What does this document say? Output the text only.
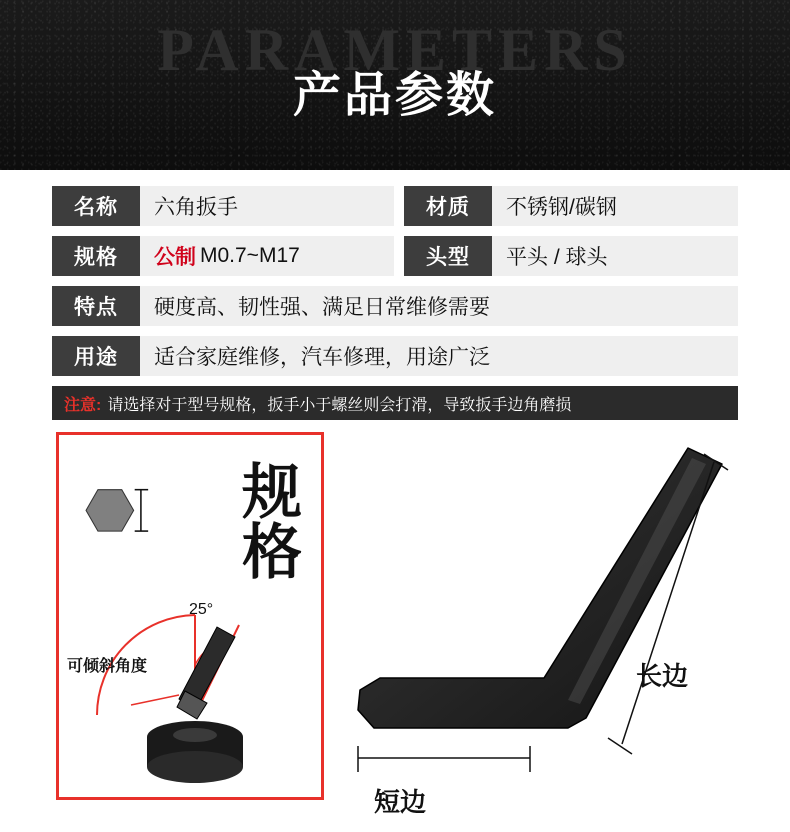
PARAMETERS
产品参数
名称	六角扳手	材质	不锈钢/碳钢
规格	公制 M0.7~M17	头型	平头 / 球头
特点	硬度高、韧性强、满足日常维修需要
用途	适合家庭维修，汽车修理，用途广泛
注意: 请选择对于型号规格，扳手小于螺丝则会打滑，导致扳手边角磨损
规格
25°
可倾斜角度	长边
短边
